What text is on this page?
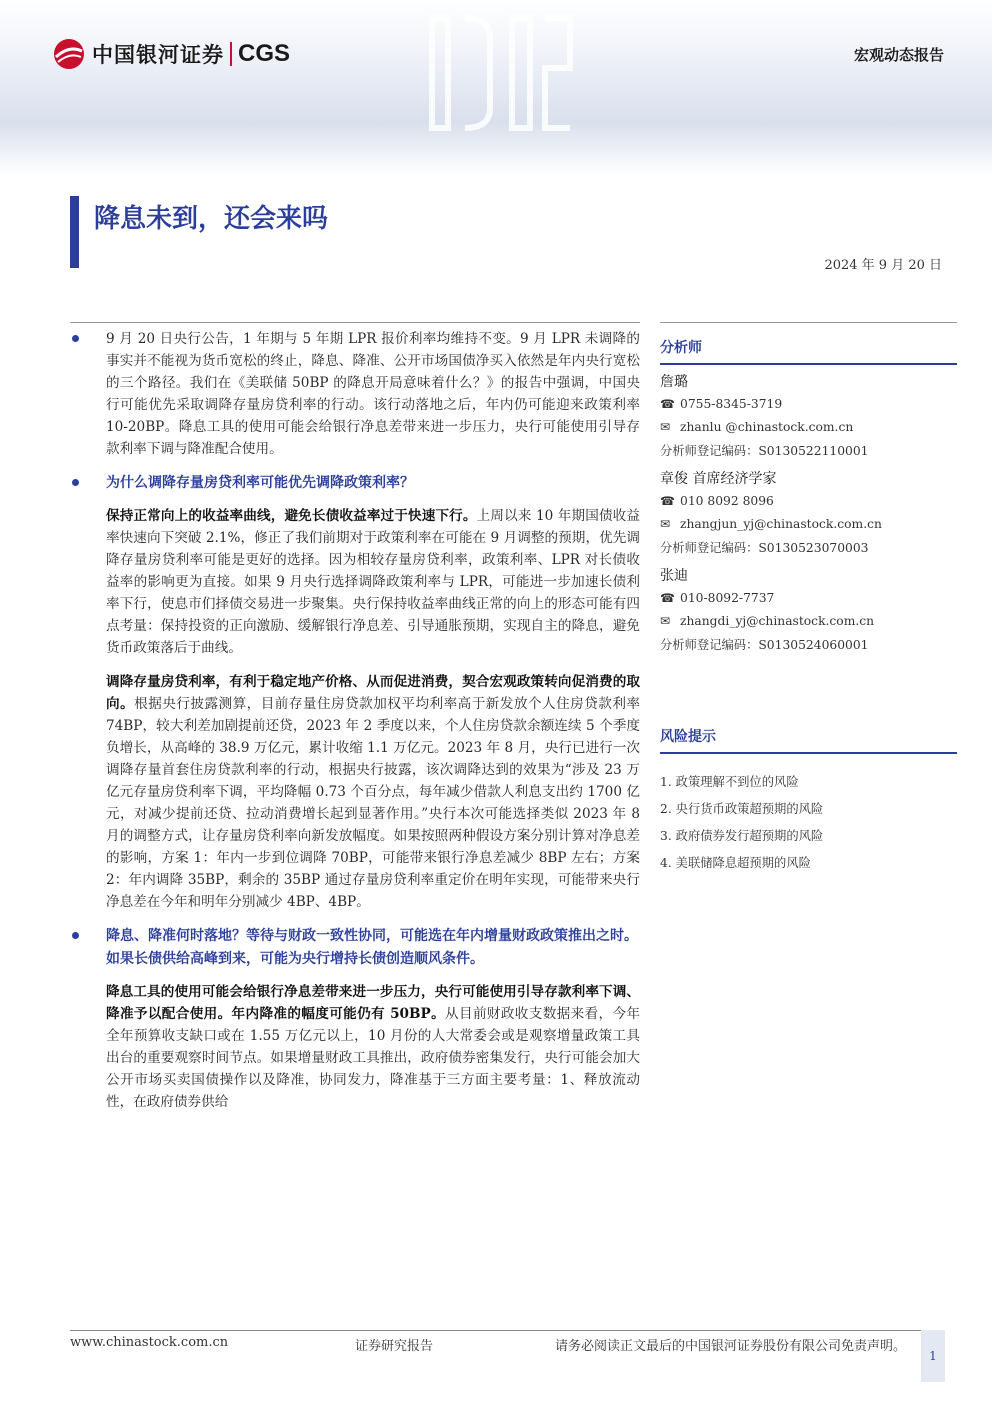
中国银河证券 CGS	宏观动态报告
降息未到，还会来吗
2024 年 9 月 20 日
9 月 20 日央行公告，1 年期与 5 年期 LPR 报价利率均维持不变。9 月 LPR 未调降的事实并不能视为货币宽松的终止，降息、降准、公开市场国债净买入依然是年内央行宽松的三个路径。我们在《美联储 50BP 的降息开局意味着什么？》的报告中强调，中国央行可能优先采取调降存量房贷利率的行动。该行动落地之后，年内仍可能迎来政策利率 10-20BP。降息工具的使用可能会给银行净息差带来进一步压力，央行可能使用引导存款利率下调与降准配合使用。
为什么调降存量房贷利率可能优先调降政策利率？
保持正常向上的收益率曲线，避免长债收益率过于快速下行。上周以来 10 年期国债收益率快速向下突破 2.1%，修正了我们前期对于政策利率在可能在 9 月调整的预期，优先调降存量房贷利率可能是更好的选择。因为相较存量房贷利率，政策利率、LPR 对长债收益率的影响更为直接。如果 9 月央行选择调降政策利率与 LPR，可能进一步加速长债利率下行，使息市们择债交易进一步聚集。央行保持收益率曲线正常的向上的形态可能有四点考量：保持投资的正向激励、缓解银行净息差、引导通胀预期，实现自主的降息，避免货币政策落后于曲线。
调降存量房贷利率，有利于稳定地产价格、从而促进消费，契合宏观政策转向促消费的取向。根据央行披露测算，目前存量住房贷款加权平均利率高于新发放个人住房贷款利率 74BP，较大利差加剧提前还贷，2023 年 2 季度以来，个人住房贷款余额连续 5 个季度负增长，从高峰的 38.9 万亿元，累计收缩 1.1 万亿元。2023 年 8 月，央行已进行一次调降存量首套住房贷款利率的行动，根据央行披露，该次调降达到的效果为“涉及 23 万亿元存量房贷利率下调，平均降幅 0.73 个百分点，每年减少借款人利息支出约 1700 亿元，对减少提前还贷、拉动消费增长起到显著作用。”央行本次可能选择类似 2023 年 8 月的调整方式，让存量房贷利率向新发放幅度。如果按照两种假设方案分别计算对净息差的影响，方案 1：年内一步到位调降 70BP，可能带来银行净息差减少 8BP 左右；方案 2：年内调降 35BP，剩余的 35BP 通过存量房贷利率重定价在明年实现，可能带来央行净息差在今年和明年分别减少 4BP、4BP。
降息、降准何时落地？等待与财政一致性协同，可能选在年内增量财政政策推出之时。如果长债供给高峰到来，可能为央行增持长债创造顺风条件。
降息工具的使用可能会给银行净息差带来进一步压力，央行可能使用引导存款利率下调、降准予以配合使用。年内降准的幅度可能仍有 50BP。从目前财政收支数据来看，今年全年预算收支缺口或在 1.55 万亿元以上，10 月份的人大常委会或是观察增量政策工具出台的重要观察时间节点。如果增量财政工具推出，政府债券密集发行，央行可能会加大公开市场买卖国债操作以及降准，协同发力，降准基于三方面主要考量：1、释放流动性，在政府债券供给
分析师
詹璐
☎ 0755-8345-3719
✉ zhanlu @chinastock.com.cn
分析师登记编码：S0130522110001
章俊 首席经济学家
☎ 010 8092 8096
✉ zhangjun_yj@chinastock.com.cn
分析师登记编码：S0130523070003
张迪
☎ 010-8092-7737
✉ zhangdi_yj@chinastock.com.cn
分析师登记编码：S0130524060001
风险提示
1. 政策理解不到位的风险
2. 央行货币政策超预期的风险
3. 政府债券发行超预期的风险
4. 美联储降息超预期的风险
www.chinastock.com.cn	证券研究报告	请务必阅读正文最后的中国银河证券股份有限公司免责声明。
1
